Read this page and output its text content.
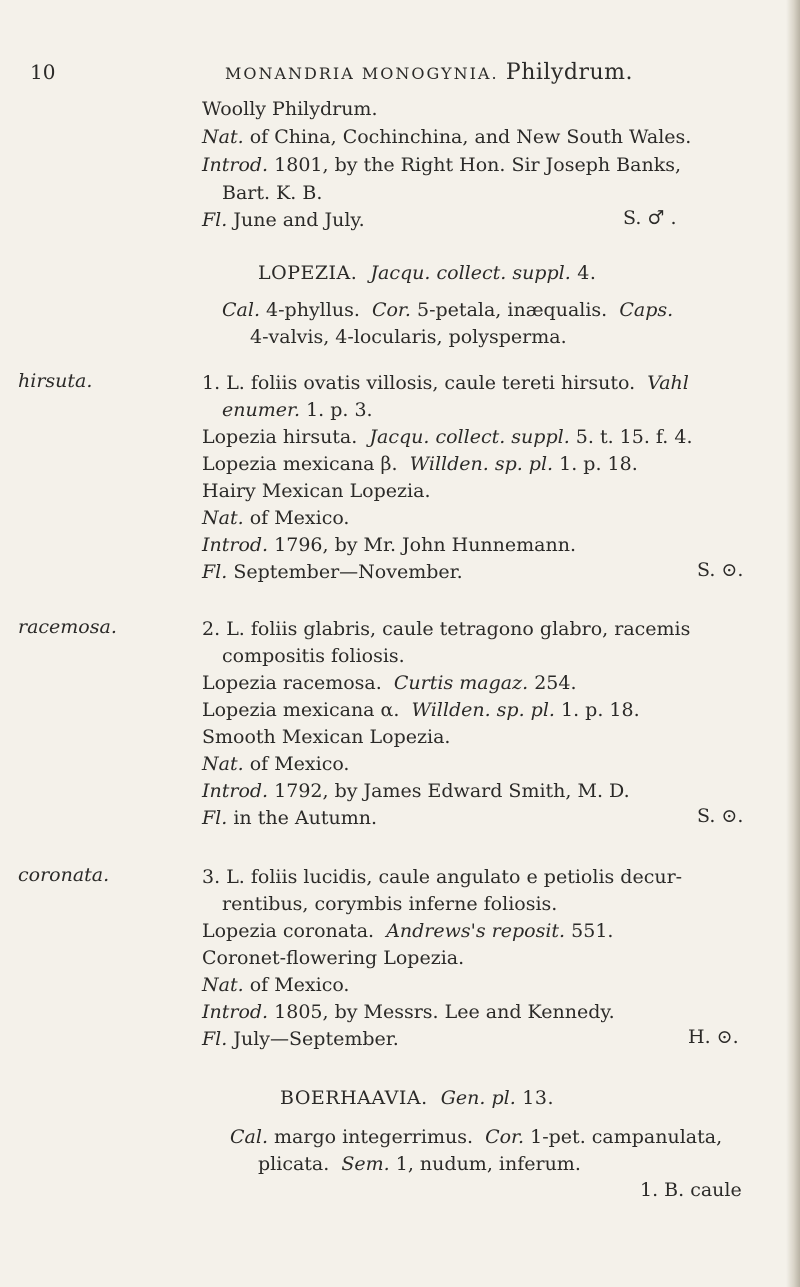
10	MONANDRIA MONOGYNIA. Philydrum.
Woolly Philydrum.
Nat. of China, Cochinchina, and New South Wales.
Introd. 1801, by the Right Hon. Sir Joseph Banks,
Bart. K. B.
Fl. June and July.	S. ♂ .
LOPEZIA. Jacqu. collect. suppl. 4.
Cal. 4-phyllus. Cor. 5-petala, inæqualis. Caps.
4-valvis, 4-locularis, polysperma.
hirsuta.	1. L. foliis ovatis villosis, caule tereti hirsuto. Vahl
enumer. 1. p. 3.
Lopezia hirsuta. Jacqu. collect. suppl. 5. t. 15. f. 4.
Lopezia mexicana β. Willden. sp. pl. 1. p. 18.
Hairy Mexican Lopezia.
Nat. of Mexico.
Introd. 1796, by Mr. John Hunnemann.
Fl. September—November.	S. ⊙.
racemosa.	2. L. foliis glabris, caule tetragono glabro, racemis
compositis foliosis.
Lopezia racemosa. Curtis magaz. 254.
Lopezia mexicana α. Willden. sp. pl. 1. p. 18.
Smooth Mexican Lopezia.
Nat. of Mexico.
Introd. 1792, by James Edward Smith, M. D.
Fl. in the Autumn.	S. ⊙.
coronata.	3. L. foliis lucidis, caule angulato e petiolis decur-
rentibus, corymbis inferne foliosis.
Lopezia coronata. Andrews's reposit. 551.
Coronet-flowering Lopezia.
Nat. of Mexico.
Introd. 1805, by Messrs. Lee and Kennedy.
Fl. July—September.	H. ⊙.
BOERHAAVIA. Gen. pl. 13.
Cal. margo integerrimus. Cor. 1-pet. campanulata,
plicata. Sem. 1, nudum, inferum.
1. B. caule
